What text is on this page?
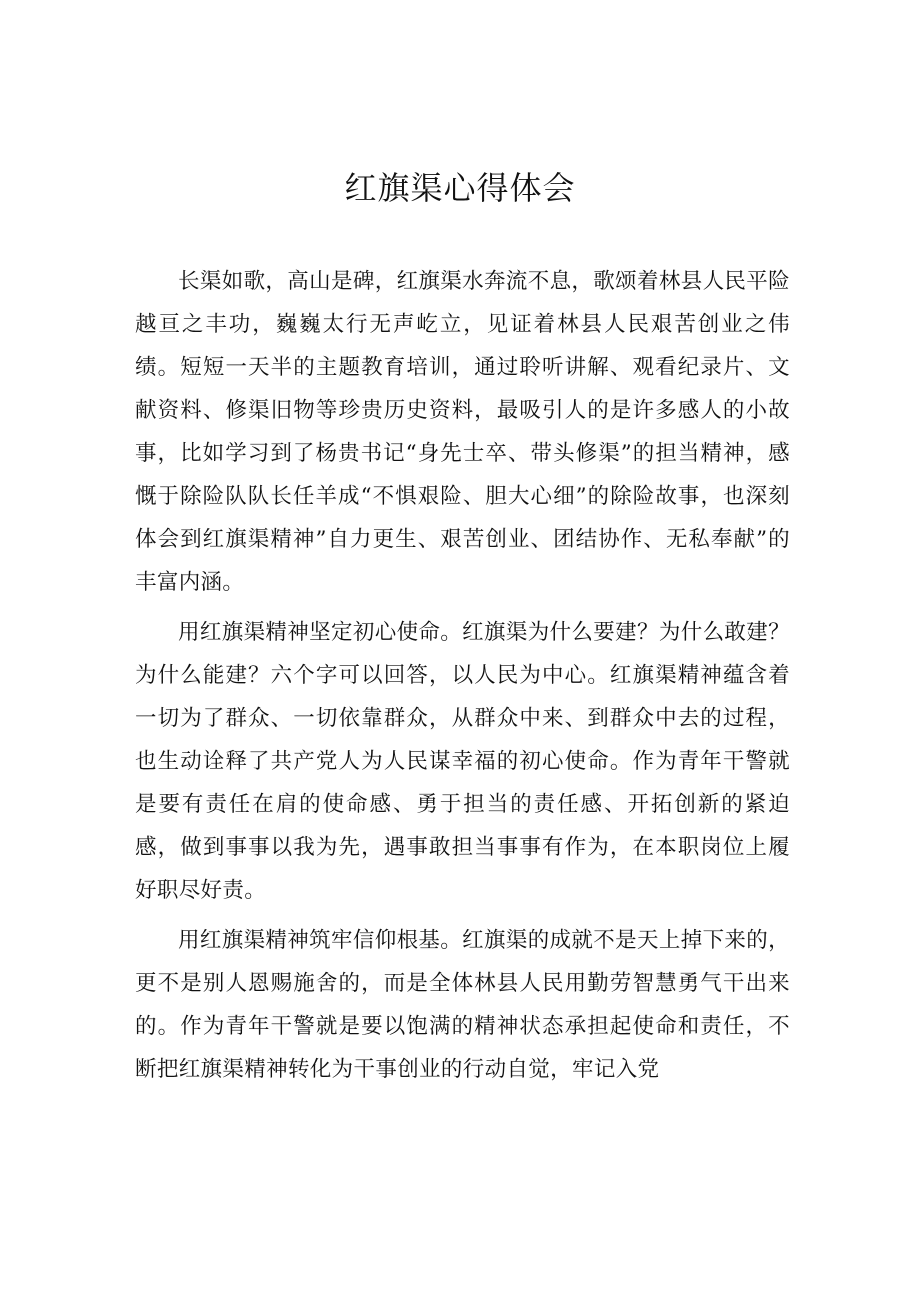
红旗渠心得体会

长渠如歌，高山是碑，红旗渠水奔流不息，歌颂着林县人民平险越亘之丰功，巍巍太行无声屹立，见证着林县人民艰苦创业之伟绩。短短一天半的主题教育培训，通过聆听讲解、观看纪录片、文献资料、修渠旧物等珍贵历史资料，最吸引人的是许多感人的小故事，比如学习到了杨贵书记“身先士卒、带头修渠”的担当精神，感慨于除险队队长任羊成“不惧艰险、胆大心细”的除险故事，也深刻体会到红旗渠精神”自力更生、艰苦创业、团结协作、无私奉献”的丰富内涵。

用红旗渠精神坚定初心使命。红旗渠为什么要建？为什么敢建？为什么能建？六个字可以回答，以人民为中心。红旗渠精神蕴含着一切为了群众、一切依靠群众，从群众中来、到群众中去的过程，也生动诠释了共产党人为人民谋幸福的初心使命。作为青年干警就是要有责任在肩的使命感、勇于担当的责任感、开拓创新的紧迫感，做到事事以我为先，遇事敢担当事事有作为，在本职岗位上履好职尽好责。

用红旗渠精神筑牢信仰根基。红旗渠的成就不是天上掉下来的，更不是别人恩赐施舍的，而是全体林县人民用勤劳智慧勇气干出来的。作为青年干警就是要以饱满的精神状态承担起使命和责任，不断把红旗渠精神转化为干事创业的行动自觉，牢记入党
